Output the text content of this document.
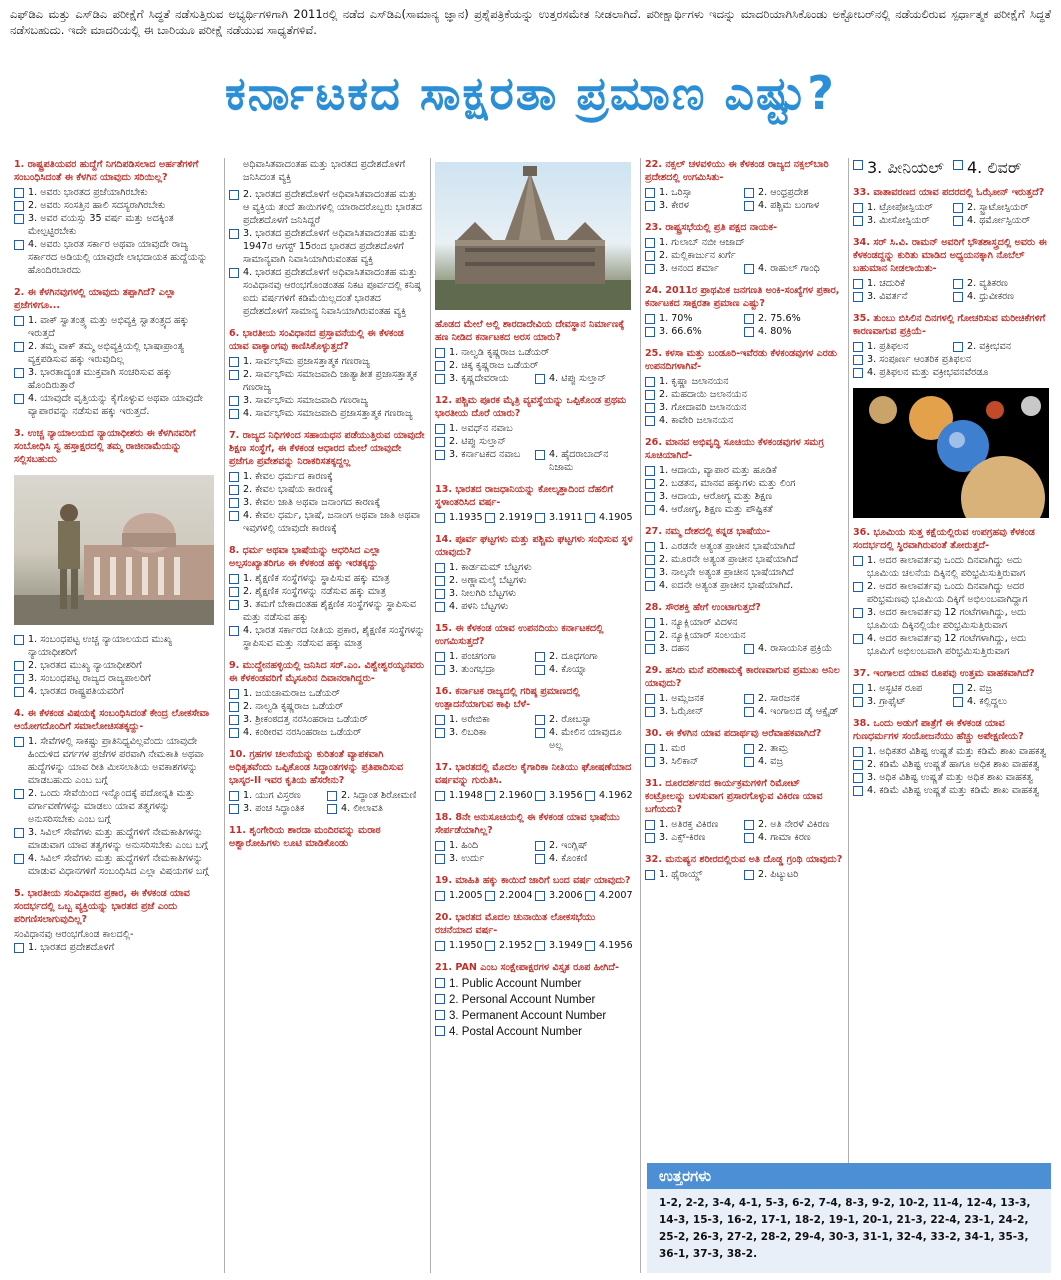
ಎಫ್‌ಡಿಎ ಮತ್ತು ಎಸ್‌ಡಿಎ ಪರೀಕ್ಷೆಗೆ ಸಿದ್ಧತೆ ನಡೆಸುತ್ತಿರುವ ಅಭ್ಯರ್ಥಿಗಳಿಗಾಗಿ 2011ರಲ್ಲಿ ನಡೆದ ಎಸ್‌ಡಿಎ(ಸಾಮಾನ್ಯ ಜ್ಞಾನ) ಪ್ರಶ್ನೆಪತ್ರಿಕೆಯನ್ನು ಉತ್ತರಸಮೇತ ನೀಡಲಾಗಿದೆ. ಪರೀಕ್ಷಾರ್ಥಿಗಳು ಇದನ್ನು ಮಾದರಿಯಾಗಿಸಿಕೊಂಡು ಅಕ್ಟೋಬರ್‌ನಲ್ಲಿ ನಡೆಯಲಿರುವ ಸ್ಪರ್ಧಾತ್ಮಕ ಪರೀಕ್ಷೆಗೆ ಸಿದ್ಧತೆ ನಡೆಸಬಹುದು. ಇದೇ ಮಾದರಿಯಲ್ಲಿ ಈ ಬಾರಿಯೂ ಪರೀಕ್ಷೆ ನಡೆಯುವ ಸಾಧ್ಯತೆಗಳಿವೆ.
ಕರ್ನಾಟಕದ ಸಾಕ್ಷರತಾ ಪ್ರಮಾಣ ಎಷ್ಟು?
1. ರಾಷ್ಟ್ರಪತಿಯವರ ಹುದ್ದೆಗೆ ನಿಗದಿಪಡಿಸಲಾದ ಅರ್ಹತೆಗಳಿಗೆ ಸಂಬಂಧಿಸಿದಂತೆ ಈ ಕೆಳಗಿನ ಯಾವುದು ಸರಿಯಿಲ್ಲ?
1. ಅವರು ಭಾರತದ ಪ್ರಜೆಯಾಗಿರಬೇಕು
2. ಅವರು ಸಂಸತ್ತಿನ ಹಾಲಿ ಸದಸ್ಯರಾಗಿರಬೇಕು
3. ಅವರ ವಯಸ್ಸು 35 ವರ್ಷ ಮತ್ತು ಅದಕ್ಕಿಂತ ಮೇಲ್ಪಟ್ಟಿರಬೇಕು
4. ಅವರು ಭಾರತ ಸರ್ಕಾರ ಅಥವಾ ಯಾವುದೇ ರಾಜ್ಯ ಸರ್ಕಾರದ ಅಡಿಯಲ್ಲಿ ಯಾವುದೇ ಲಾಭದಾಯಕ ಹುದ್ದೆಯನ್ನು ಹೊಂದಿರಬಾರದು
2. ಈ ಕೆಳಗಿನವುಗಳಲ್ಲಿ ಯಾವುದು ತಪ್ಪಾಗಿದೆ? ಎಲ್ಲಾ ಪ್ರಜೆಗಳಿಗೂ...
1. ವಾಕ್ ಸ್ವಾತಂತ್ರ್ಯ ಮತ್ತು ಅಭಿವ್ಯಕ್ತಿ ಸ್ವಾತಂತ್ರ್ಯದ ಹಕ್ಕು ಇರುತ್ತದೆ
2. ತಮ್ಮ ವಾಕ್ ತಮ್ಮ ಅಭಿವ್ಯಕ್ತಿಯಲ್ಲಿ ಭಾಷಾಪ್ರಾಂತ್ಯ ವ್ಯಕ್ತಪಡಿಸುವ ಹಕ್ಕು ಇರುವುದಿಲ್ಲ
3. ಭಾರತಾದ್ಯಂತ ಮುಕ್ತವಾಗಿ ಸಂಚರಿಸುವ ಹಕ್ಕು ಹೊಂದಿರುತ್ತಾರೆ
4. ಯಾವುದೇ ವೃತ್ತಿಯನ್ನು ಕೈಗೊಳ್ಳುವ ಅಥವಾ ಯಾವುದೇ ವ್ಯಾಪಾರವನ್ನು ನಡೆಸುವ ಹಕ್ಕು ಇರುತ್ತದೆ.
3. ಉಚ್ಚ ನ್ಯಾಯಾಲಯದ ನ್ಯಾಯಾಧೀಶರು ಈ ಕೆಳಗಿನವರಿಗೆ ಸಂಬೋಧಿಸಿ ಸ್ವ ಹಸ್ತಾಕ್ಷರದಲ್ಲಿ ತಮ್ಮ ರಾಜೀನಾಮೆಯನ್ನು ಸಲ್ಲಿಸಬಹುದು
1. ಸಂಬಂಧಪಟ್ಟ ಉಚ್ಚ ನ್ಯಾಯಾಲಯದ ಮುಖ್ಯ ನ್ಯಾಯಾಧೀಶರಿಗೆ
2. ಭಾರತದ ಮುಖ್ಯ ನ್ಯಾಯಾಧೀಶರಿಗೆ
3. ಸಂಬಂಧಪಟ್ಟ ರಾಜ್ಯದ ರಾಜ್ಯಪಾಲರಿಗೆ
4. ಭಾರತದ ರಾಷ್ಟ್ರಪತಿಯವರಿಗೆ
4. ಈ ಕೆಳಕಂಡ ವಿಷಯಕ್ಕೆ ಸಂಬಂಧಿಸಿದಂತೆ ಕೇಂದ್ರ ಲೋಕಸೇವಾ ಆಯೋಗದೊಂದಿಗೆ ಸಮಾಲೋಚಿಸತಕ್ಕದ್ದು-
1. ಸೇವೆಗಳಲ್ಲಿ ಸಾಕಷ್ಟು ಪ್ರಾತಿನಿಧ್ಯವಿಲ್ಲವೆಂದು ಯಾವುದೇ ಹಿಂದುಳಿದ ವರ್ಗಗಳ ಪ್ರಜೆಗಳ ಪರವಾಗಿ ನೇಮಕಾತಿ ಅಥವಾ ಹುದ್ದೆಗಳನ್ನು ಯಾವ ರೀತಿ ಮೀಸಲಾತಿಯ ಅವಕಾಶಗಳನ್ನು ಮಾಡಬಹುದು ಎಂಬ ಬಗ್ಗೆ
2. ಒಂದು ಸೇವೆಯಿಂದ ಇನ್ನೊಂದಕ್ಕೆ ಪದೋನ್ನತಿ ಮತ್ತು ವರ್ಗಾವಣೆಗಳನ್ನು ಮಾಡಲು ಯಾವ ತತ್ವಗಳನ್ನು ಅನುಸರಿಸಬೇಕು ಎಂಬ ಬಗ್ಗೆ
3. ಸಿವಿಲ್ ಸೇವೆಗಳು ಮತ್ತು ಹುದ್ದೆಗಳಿಗೆ ನೇಮಕಾತಿಗಳನ್ನು ಮಾಡುವಾಗ ಯಾವ ತತ್ವಗಳನ್ನು ಅನುಸರಿಸಬೇಕು ಎಂಬ ಬಗ್ಗೆ
4. ಸಿವಿಲ್ ಸೇವೆಗಳು ಮತ್ತು ಹುದ್ದೆಗಳಿಗೆ ನೇಮಕಾತಿಗಳನ್ನು ಮಾಡುವ ವಿಧಾನಗಳಿಗೆ ಸಂಬಂಧಿಸಿದ ಎಲ್ಲಾ ವಿಷಯಗಳ ಬಗ್ಗೆ
5. ಭಾರತೀಯ ಸಂವಿಧಾನದ ಪ್ರಕಾರ, ಈ ಕೆಳಕಂಡ ಯಾವ ಸಂದರ್ಭದಲ್ಲಿ ಒಬ್ಬ ವ್ಯಕ್ತಿಯನ್ನು ಭಾರತದ ಪ್ರಜೆ ಎಂದು ಪರಿಗಣಿಸಲಾಗುವುದಿಲ್ಲ?
ಸಂವಿಧಾನವು ಆರಂಭಗೊಂಡ ಕಾಲದಲ್ಲಿ-
1. ಭಾರತದ ಪ್ರದೇಶದೊಳಗೆ
ಅಧಿವಾಸಿತವಾದಂತಹ ಮತ್ತು ಭಾರತದ ಪ್ರದೇಶದೊಳಗೆ ಜನಿಸಿದಂತ ವ್ಯಕ್ತಿ
2. ಭಾರತದ ಪ್ರದೇಶದೊಳಗೆ ಅಧಿವಾಸಿತವಾದಂತಹ ಮತ್ತು ಆ ವ್ಯಕ್ತಿಯ ತಂದೆ ತಾಯಿಗಳಲ್ಲಿ ಯಾರಾದರೊಬ್ಬರು ಭಾರತದ ಪ್ರದೇಶದೊಳಗೆ ಜನಿಸಿದ್ದರೆ
3. ಭಾರತದ ಪ್ರದೇಶದೊಳಗೆ ಅಧಿವಾಸಿತವಾದಂತಹ ಮತ್ತು 1947ರ ಆಗಸ್ಟ್ 15ರಂದ ಭಾರತದ ಪ್ರದೇಶದೊಳಗೆ ಸಾಮಾನ್ಯವಾಗಿ ನಿವಾಸಿಯಾಗಿರುವಂತಹ ವ್ಯಕ್ತಿ
4. ಭಾರತದ ಪ್ರದೇಶದೊಳಗೆ ಅಧಿವಾಸಿತವಾದಂತಹ ಮತ್ತು ಸಂವಿಧಾನವು ಆರಂಭಗೊಂಡಂತಹ ನಿಕಟ ಪೂರ್ವದಲ್ಲಿ ಕನಿಷ್ಠ ಐದು ವರ್ಷಗಳಿಗೆ ಕಡಿಮೆಯಿಲ್ಲದಂತೆ ಭಾರತದ ಪ್ರದೇಶದೊಳಗೆ ಸಾಮಾನ್ಯ ನಿವಾಸಿಯಾಗಿರುವಂತಹ ವ್ಯಕ್ತಿ
6. ಭಾರತೀಯ ಸಂವಿಧಾನದ ಪ್ರಸ್ತಾವನೆಯಲ್ಲಿ ಈ ಕೆಳಕಂಡ ಯಾವ ವಾಕ್ಯಾಂಗವು ಕಾಣಿಸಿಕೊಳ್ಳುತ್ತದೆ?
1. ಸಾರ್ವಭೌಮ ಪ್ರಜಾಸತ್ತಾತ್ಮಕ ಗಣರಾಜ್ಯ
2. ಸಾರ್ವಭೌಮ ಸಮಾಜವಾದಿ ಜಾತ್ಯಾತೀತ ಪ್ರಜಾಸತ್ತಾತ್ಮಕ ಗಣರಾಜ್ಯ
3. ಸಾರ್ವಭೌಮ ಸಮಾಜವಾದಿ ಗಣರಾಜ್ಯ
4. ಸಾರ್ವಭೌಮ ಸಮಾಜವಾದಿ ಪ್ರಜಾಸತ್ತಾತ್ಮಕ ಗಣರಾಜ್ಯ
7. ರಾಜ್ಯದ ನಿಧಿಗಳಿಂದ ಸಹಾಯಧನ ಪಡೆಯುತ್ತಿರುವ ಯಾವುದೇ ಶಿಕ್ಷಣ ಸಂಸ್ಥೆಗೆ, ಈ ಕೆಳಕಂಡ ಆಧಾರದ ಮೇಲೆ ಯಾವುದೇ ಪ್ರಜೆಗೂ ಪ್ರವೇಶವನ್ನು ನಿರಾಕರಿಸತಕ್ಕದ್ದಲ್ಲ
1. ಕೇವಲ ಧರ್ಮದ ಕಾರಣಕ್ಕೆ
2. ಕೇವಲ ಭಾಷೆಯ ಕಾರಣಕ್ಕೆ
3. ಕೇವಲ ಜಾತಿ ಅಥವಾ ಜನಾಂಗದ ಕಾರಣಕ್ಕೆ
4. ಕೇವಲ ಧರ್ಮ, ಭಾಷೆ, ಜನಾಂಗ ಅಥವಾ ಜಾತಿ ಅಥವಾ ಇವುಗಳಲ್ಲಿ ಯಾವುದೇ ಕಾರಣಕ್ಕೆ
8. ಧರ್ಮ ಅಥವಾ ಭಾಷೆಯನ್ನು ಆಧರಿಸಿದ ಎಲ್ಲಾ ಅಲ್ಪಸಂಖ್ಯಾತರಿಗೂ ಈ ಕೆಳಕಂಡ ಹಕ್ಕು ಇರತಕ್ಕದ್ದು
1. ಶೈಕ್ಷಣಿಕ ಸಂಸ್ಥೆಗಳನ್ನು ಸ್ಥಾಪಿಸುವ ಹಕ್ಕು ಮಾತ್ರ
2. ಶೈಕ್ಷಣಿಕ ಸಂಸ್ಥೆಗಳನ್ನು ನಡೆಸುವ ಹಕ್ಕು ಮಾತ್ರ
3. ತಮಗೆ ಬೇಕಾದಂತಹ ಶೈಕ್ಷಣಿಕ ಸಂಸ್ಥೆಗಳನ್ನು ಸ್ಥಾಪಿಸುವ ಮತ್ತು ನಡೆಸುವ ಹಕ್ಕು
4. ಭಾರತ ಸರ್ಕಾರದ ನೀತಿಯ ಪ್ರಕಾರ, ಶೈಕ್ಷಣಿಕ ಸಂಸ್ಥೆಗಳನ್ನು ಸ್ಥಾಪಿಸುವ ಮತ್ತು ನಡೆಸುವ ಹಕ್ಕು ಮಾತ್ರ
9. ಮುದ್ದೇನಹಳ್ಳಿಯಲ್ಲಿ ಜನಿಸಿದ ಸರ್.ಎಂ. ವಿಶ್ವೇಶ್ವರಯ್ಯನವರು ಈ ಕೆಳಕಂಡವರಿಗೆ ಮೈಸೂರಿನ ದಿವಾನರಾಗಿದ್ದರು-
1. ಜಯಚಾಮರಾಜ ಒಡೆಯರ್
2. ನಾಲ್ವಡಿ ಕೃಷ್ಣರಾಜ ಒಡೆಯರ್
3. ಶ್ರೀಕಂಠದತ್ತ ನರಸಿಂಹರಾಜ ಒಡೆಯರ್
4. ಕಂಠೀರವ ನರಸಿಂಹರಾಜ ಒಡೆಯರ್
10. ಗ್ರಹಗಳ ಚಲನೆಯನ್ನು ಕುರಿತಂತೆ ವ್ಯಾಪಕವಾಗಿ ಅಧಿಕೃತವೆಂದು ಒಪ್ಪಿಕೊಂಡ ಸಿದ್ಧಾಂತಗಳನ್ನು ಪ್ರತಿಪಾದಿಸುವ ಭಾಸ್ಕರ-II ಇವರ ಕೃತಿಯ ಹೆಸರೇನು?
1. ಯುಗ ವಿಸ್ತರಣ	2. ಸಿದ್ಧಾಂತ ಶಿರೋಮಣಿ
3. ಪಂಚ ಸಿದ್ಧಾಂತಿಕ	4. ಲೀಲಾವತಿ
11. ಶೃಂಗೇರಿಯ ಶಾರದಾ ಮಂದಿರವನ್ನು ಮರಾಠ ಅಶ್ವಾರೋಹಿಗಳು ಲೂಟಿ ಮಾಡಿಕೊಂಡು
ಹೊಡದ ಮೇಲೆ ಅಲ್ಲಿ ಶಾರದಾದೇವಿಯ ದೇವಸ್ಥಾನ ನಿರ್ಮಾಣಕ್ಕೆ ಹಣ ನೀಡಿದ ಕರ್ನಾಟಕದ ಅರಸ ಯಾರು?
1. ನಾಲ್ವಡಿ ಕೃಷ್ಣರಾಜ ಒಡೆಯರ್
2. ಚಿಕ್ಕ ಕೃಷ್ಣರಾಜ ಒಡೆಯರ್
3. ಕೃಷ್ಣದೇವರಾಯ	4. ಟಿಪ್ಪು ಸುಲ್ತಾನ್
12. ಪಶ್ಚಿಮ ಪೂರಕ ಮೈತ್ರಿ ವ್ಯವಸ್ಥೆಯನ್ನು ಒಪ್ಪಿಕೊಂಡ ಪ್ರಥಮ ಭಾರತೀಯ ದೊರೆ ಯಾರು?
1. ಅವಧ್‌ನ ನವಾಬ
2. ಟಿಪ್ಪು ಸುಲ್ತಾನ್
3. ಕರ್ನಾಟಕದ ನವಾಬ	4. ಹೈದರಾಬಾದ್‌ನ ನಿಜಾಮ
13. ಭಾರತದ ರಾಜಧಾನಿಯನ್ನು ಕೋಲ್ಕತ್ತಾದಿಂದ ದೆಹಲಿಗೆ ಸ್ಥಳಾಂತರಿಸಿದ ವರ್ಷ-
1.1935 2.1919 3.1911 4.1905
14. ಪೂರ್ವ ಘಟ್ಟಗಳು ಮತ್ತು ಪಶ್ಚಿಮ ಘಟ್ಟಗಳು ಸಂಧಿಸುವ ಸ್ಥಳ ಯಾವುದು?
1. ಕಾರ್ಡಮಮ್ ಬೆಟ್ಟಗಳು
2. ಅಣ್ಣಾಮಲೈ ಬೆಟ್ಟಗಳು
3. ನೀಲಗಿರಿ ಬೆಟ್ಟಗಳು
4. ಪಳನಿ ಬೆಟ್ಟಗಳು
15. ಈ ಕೆಳಕಂಡ ಯಾವ ಉಪನದಿಯು ಕರ್ನಾಟಕದಲ್ಲಿ ಉಗಮಿಸುತ್ತದೆ?
1. ಪಂಚಗಂಗಾ	2. ದೂಧಗಂಗಾ
3. ತುಂಗಭದ್ರಾ	4. ಕೊಯ್ನಾ
16. ಕರ್ನಾಟಕ ರಾಜ್ಯದಲ್ಲಿ ಗರಿಷ್ಠ ಪ್ರಮಾಣದಲ್ಲಿ ಉತ್ಪಾದನೆಯಾಗುವ ಕಾಫಿ ಬೆಳೆ-
1. ಅರೇಬಿಕಾ	2. ರೋಬಸ್ಟಾ
3. ಲಿಬರಿಕಾ	4. ಮೇಲಿನ ಯಾವುದೂ ಅಲ್ಲ
17. ಭಾರತದಲ್ಲಿ ಮೊದಲ ಕೈಗಾರಿಕಾ ನೀತಿಯು ಘೋಷಣೆಯಾದ ವರ್ಷವನ್ನು ಗುರುತಿಸಿ.
1.1948 2.1960 3.1956 4.1962
18. 8ನೇ ಅನುಸೂಚಿಯಲ್ಲಿ ಈ ಕೆಳಕಂಡ ಯಾವ ಭಾಷೆಯು ಸೇರ್ಪಡೆಯಾಗಿಲ್ಲ?
1. ಹಿಂದಿ	2. ಇಂಗ್ಲಿಷ್
3. ಉರ್ದು	4. ಕೊಂಕಣಿ
19. ಮಾಹಿತಿ ಹಕ್ಕು ಕಾಯಿದೆ ಜಾರಿಗೆ ಬಂದ ವರ್ಷ ಯಾವುದು?
1.2005 2.2004 3.2006 4.2007
20. ಭಾರತದ ಮೊದಲ ಚುನಾಯಿತ ಲೋಕಸಭೆಯು ರಚನೆಯಾದ ವರ್ಷ-
1.1950 2.1952 3.1949 4.1956
21. PAN ಎಂಬ ಸಂಕ್ಷೇಪಾಕ್ಷರಗಳ ವಿಸ್ತೃತ ರೂಪ ಹೀಗಿದೆ-
1. Public Account Number
2. Personal Account Number
3. Permanent Account Number
4. Postal Account Number
22. ನಕ್ಸಲ್ ಚಳವಳಿಯು ಈ ಕೆಳಕಂಡ ರಾಜ್ಯದ ನಕ್ಸಲ್‌ಬಾರಿ ಪ್ರದೇಶದಲ್ಲಿ ಉಗಮಿಸಿತು-
1. ಒರಿಸ್ಸಾ	2. ಆಂಧ್ರಪ್ರದೇಶ
3. ಕೇರಳ	4. ಪಶ್ಚಿಮ ಬಂಗಾಳ
23. ರಾಷ್ಟ್ರಸಭೆಯಲ್ಲಿ ಪ್ರತಿ ಪಕ್ಷದ ನಾಯಕ-
1. ಗುಲಾಬ್ ನಬೀ ಆಜಾದ್
2. ಮಲ್ಲಿಕಾರ್ಜುನ ಖರ್ಗೆ
3. ಆನಂದ ಶರ್ಮಾ	4. ರಾಹುಲ್ ಗಾಂಧಿ
24. 2011ರ ಪ್ರಾಥಮಿಕ ಜನಗಣತಿ ಅಂಕಿ-ಸಂಖ್ಯೆಗಳ ಪ್ರಕಾರ, ಕರ್ನಾಟಕದ ಸಾಕ್ಷರತಾ ಪ್ರಮಾಣ ಎಷ್ಟು?
1. 70%	2. 75.6%
3. 66.6%	4. 80%
25. ಕಳಸಾ ಮತ್ತು ಬಂಡೂರಿ-ಇವೆರಡು ಕೆಳಕಂಡವುಗಳ ಎರಡು ಉಪನದಿಗಳಾಗಿವೆ-
1. ಕೃಷ್ಣಾ ಜಲಾನಯನ
2. ಮಹದಾಯಿ ಜಲಾನಯನ
3. ಗೋದಾವರಿ ಜಲಾನಯನ
4. ಕಾವೇರಿ ಜಲಾನಯನ
26. ಮಾನವ ಅಭಿವೃದ್ಧಿ ಸೂಚಿಯು ಕೆಳಕಂಡವುಗಳ ಸಮಗ್ರ ಸೂಚಿಯಾಗಿದೆ-
1. ಆದಾಯ, ವ್ಯಾಪಾರ ಮತ್ತು ಹೂಡಿಕೆ
2. ಬಡತನ, ಮಾನವ ಹಕ್ಕುಗಳು ಮತ್ತು ಲಿಂಗ
3. ಆದಾಯ, ಆರೋಗ್ಯ ಮತ್ತು ಶಿಕ್ಷಣ
4. ಆರೋಗ್ಯ, ಶಿಕ್ಷಣ ಮತ್ತು ಪೌಷ್ಟಿಕತೆ
27. ನಮ್ಮ ದೇಶದಲ್ಲಿ ಕನ್ನಡ ಭಾಷೆಯು-
1. ಎರಡನೇ ಅತ್ಯಂತ ಪ್ರಾಚೀನ ಭಾಷೆಯಾಗಿದೆ
2. ಮೂರನೇ ಅತ್ಯಂತ ಪ್ರಾಚೀನ ಭಾಷೆಯಾಗಿದೆ
3. ನಾಲ್ಕನೇ ಅತ್ಯಂತ ಪ್ರಾಚೀನ ಭಾಷೆಯಾಗಿದೆ
4. ಐದನೇ ಅತ್ಯಂತ ಪ್ರಾಚೀನ ಭಾಷೆಯಾಗಿದೆ.
28. ಸೌರಶಕ್ತಿ ಹೇಗೆ ಉಂಟಾಗುತ್ತದೆ?
1. ನ್ಯೂಕ್ಲಿಯಾರ್ ವಿದಳನ
2. ನ್ಯೂಕ್ಲಿಯಾರ್ ಸಂಲಯನ
3. ದಹನ	4. ರಾಸಾಯನಿಕ ಪ್ರಕ್ರಿಯೆ
29. ಹಸಿರು ಮನೆ ಪರಿಣಾಮಕ್ಕೆ ಕಾರಣವಾಗುವ ಪ್ರಮುಖ ಅನಿಲ ಯಾವುದು?
1. ಅಮ್ಲಜನಕ	2. ಸಾರಜನಕ
3. ಓಝೋನ್	4. ಇಂಗಾಲದ ಡೈ ಆಕ್ಸೈಡ್
30. ಈ ಕೆಳಗಿನ ಯಾವ ಪದಾರ್ಥವು ಅರೆವಾಹಕವಾಗಿದೆ?
1. ಮರ	2. ತಾಮ್ರ
3. ಸಿಲಿಕಾನ್	4. ವಜ್ರ
31. ದೂರದರ್ಶನದ ಕಾರ್ಯಕ್ರಮಗಳಿಗೆ ರಿಮೋಟ್ ಕಂಟ್ರೋಲನ್ನು ಬಳಸುವಾಗ ಪ್ರಸಾರಗೊಳ್ಳುವ ವಿಕಿರಣ ಯಾವ ಬಗೆಯದು?
1. ಅತಿರಕ್ತ ವಿಕಿರಣ	2. ಅತಿ ನೇರಳೆ ವಿಕಿರಣ
3. ಎಕ್ಸ್-ಕಿರಣ	4. ಗಾಮಾ ಕಿರಣ
32. ಮನುಷ್ಯನ ಶರೀರದಲ್ಲಿರುವ ಅತಿ ದೊಡ್ಡ ಗ್ರಂಥಿ ಯಾವುದು?
1. ಥೈರಾಯ್ಡ್	2. ಪಿಟ್ಯುಟರಿ
3. ಪೀನಿಯಲ್ 4. ಲಿವರ್
33. ವಾತಾವರಣದ ಯಾವ ಪದರದಲ್ಲಿ ಓಝೋನ್ ಇರುತ್ತದೆ?
1. ಟ್ರೋಪೋಸ್ಪಿಯರ್	2. ಸ್ಟ್ರಾಟೋಸ್ಪಿಯರ್
3. ಮೀಸೋಸ್ಪಿಯರ್	4. ಥರ್ಮೋಸ್ಪಿಯರ್
34. ಸರ್ ಸಿ.ವಿ. ರಾಮನ್ ಅವರಿಗೆ ಭೌತಶಾಸ್ತ್ರದಲ್ಲಿ ಅವರು ಈ ಕೆಳಕಂಡದ್ದನ್ನು ಕುರಿತು ಮಾಡಿದ ಅಧ್ಯಯನಕ್ಕಾಗಿ ನೊಬೆಲ್ ಬಹುಮಾನ ನೀಡಲಾಯಿತು-
1. ಚದುರಿಕೆ	2. ವ್ಯತಿಕರಣ
3. ವಿವರ್ತನೆ	4. ಧ್ರುವೀಕರಣ
35. ತುಂಬು ಬಿಸಿಲಿನ ದಿನಗಳಲ್ಲಿ ಗೋಚರಿಸುವ ಮರೀಚಿಕೆಗಳಿಗೆ ಕಾರಣವಾಗುವ ಪ್ರಕ್ರಿಯೆ-
1. ಪ್ರತಿಫಲನ	2. ವಕ್ರೀಭವನ
3. ಸಂಪೂರ್ಣ ಆಂತರಿಕ ಪ್ರತಿಫಲನ
4. ಪ್ರತಿಫಲನ ಮತ್ತು ವಕ್ರೀಭವನವೆರಡೂ
36. ಭೂಮಿಯ ಸುತ್ತ ಕಕ್ಷೆಯಲ್ಲಿರುವ ಉಪಗ್ರಹವು ಕೆಳಕಂಡ ಸಂದರ್ಭದಲ್ಲಿ ಸ್ಥಿರವಾಗಿರುವಂತೆ ತೋರುತ್ತದೆ-
1. ಅದರ ಕಾಲಾವರ್ತವು ಒಂದು ದಿನವಾಗಿದ್ದು ಅದು ಭೂಮಿಯ ಚಲನೆಯ ದಿಕ್ಕಿನಲ್ಲಿ ಪರಿಭ್ರಮಿಸುತ್ತಿರುವಾಗ
2. ಅದರ ಕಾಲಾವರ್ತವು ಒಂದು ದಿನವಾಗಿದ್ದು ಅದರ ಪರಿಭ್ರಮಣವು ಭೂಮಿಯ ದಿಕ್ಕಿಗೆ ಅಭಿಲಂಬವಾಗಿದ್ದಾಗ
3. ಅದರ ಕಾಲಾವರ್ತವು 12 ಗಂಟೆಗಳಾಗಿದ್ದು, ಅದು ಭೂಮಿಯ ದಿಕ್ಕಿನಲ್ಲಿಯೇ ಪರಿಭ್ರಮಿಸುತ್ತಿರುವಾಗ
4. ಅದರ ಕಾಲಾವರ್ತವು 12 ಗಂಟೆಗಳಾಗಿದ್ದು, ಅದು ಭೂಮಿಗೆ ಅಭಿಲಂಬವಾಗಿ ಪರಿಭ್ರಮಿಸುತ್ತಿರುವಾಗ
37. ಇಂಗಾಲದ ಯಾವ ರೂಪವು ಉತ್ತಮ ವಾಹಕವಾಗಿದೆ?
1. ಅಸ್ಫಟಿಕ ರೂಪ	2. ವಜ್ರ
3. ಗ್ರಾಫೈಟ್	4. ಕಲ್ಲಿದ್ದಲು
38. ಒಂದು ಅಡುಗೆ ಪಾತ್ರೆಗೆ ಈ ಕೆಳಕಂಡ ಯಾವ ಗುಣಧರ್ಮಗಳ ಸಂಯೋಜನೆಯು ಹೆಚ್ಚು ಅಪೇಕ್ಷಣೀಯ?
1. ಅಧಿಕತರ ವಿಶಿಷ್ಟ ಉಷ್ಣತೆ ಮತ್ತು ಕಡಿಮೆ ಶಾಖ ವಾಹಕತ್ವ
2. ಕಡಿಮೆ ವಿಶಿಷ್ಟ ಉಷ್ಣತೆ ಹಾಗೂ ಅಧಿಕ ಶಾಖ ವಾಹಕತ್ವ
3. ಅಧಿಕ ವಿಶಿಷ್ಟ ಉಷ್ಣತೆ ಮತ್ತು ಅಧಿಕ ಶಾಖ ವಾಹಕತ್ವ
4. ಕಡಿಮೆ ವಿಶಿಷ್ಟ ಉಷ್ಣತೆ ಮತ್ತು ಕಡಿಮೆ ಶಾಖ ವಾಹಕತ್ವ
ಉತ್ತರಗಳು
1-2, 2-2, 3-4, 4-1, 5-3, 6-2, 7-4, 8-3, 9-2, 10-2, 11-4, 12-4, 13-3, 14-3, 15-3, 16-2, 17-1, 18-2, 19-1, 20-1, 21-3, 22-4, 23-1, 24-2, 25-2, 26-3, 27-2, 28-2, 29-4, 30-3, 31-1, 32-4, 33-2, 34-1, 35-3, 36-1, 37-3, 38-2.
